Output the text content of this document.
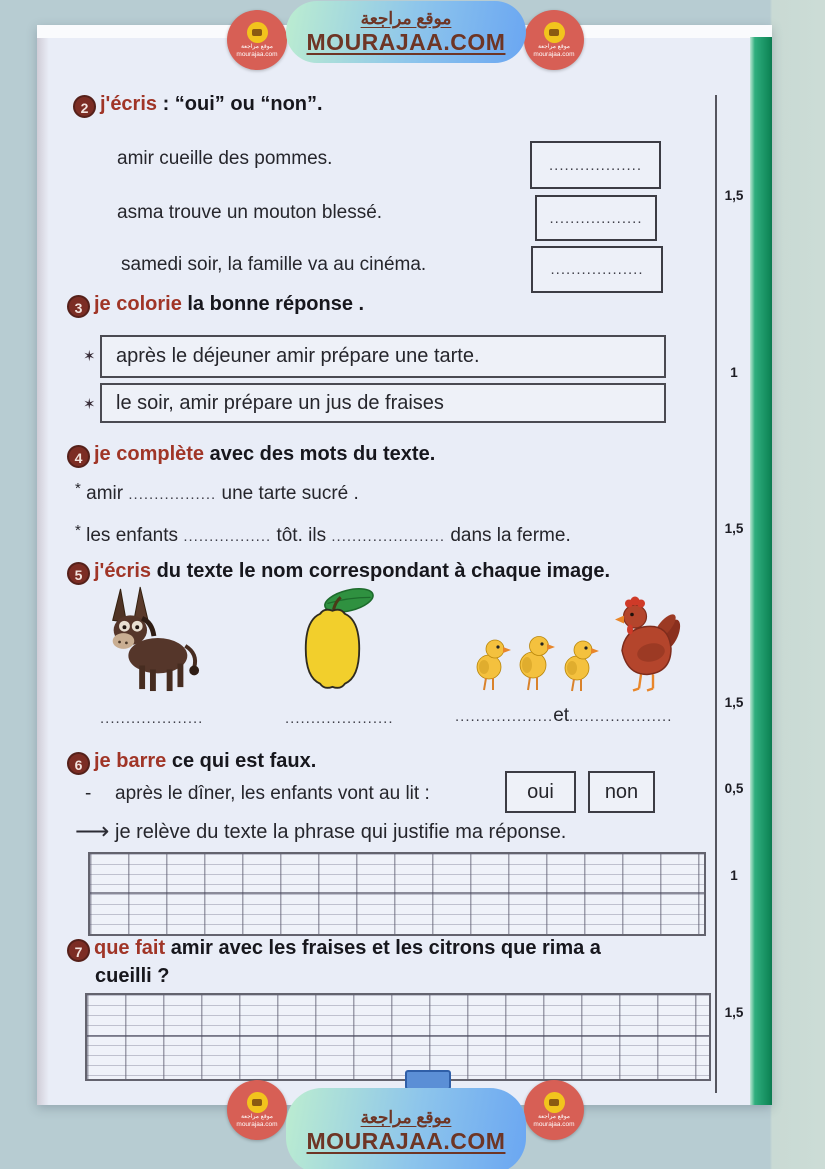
1,5
1
1,5
1,5
0,5
1
1,5
2 j'écris : “oui” ou “non”.
amir cueille des pommes.	..................
asma trouve un mouton blessé.	..................
samedi soir, la famille va au cinéma.	..................
3 je colorie la bonne réponse .
✶ après le déjeuner amir prépare une tarte.
✶ le soir, amir prépare un jus de fraises
4 je complète avec des mots du texte.
* amir ................. une tarte sucré .
* les enfants ................. tôt. ils ...................... dans la ferme.
5 j'écris du texte le nom correspondant à chaque image.
....................	.....................	...................et....................
6 je barre ce qui est faux.
- après le dîner, les enfants vont au lit :	oui	non
⟶ je relève du texte la phrase qui justifie ma réponse.
7 que fait amir avec les fraises et les citrons que rima a
cueilli ?
موقع مراجعة
MOURAJAA.COM
موقع مراجعة
mourajaa.com
موقع مراجعة
mourajaa.com
موقع مراجعة
MOURAJAA.COM
موقع مراجعة
mourajaa.com
موقع مراجعة
mourajaa.com
